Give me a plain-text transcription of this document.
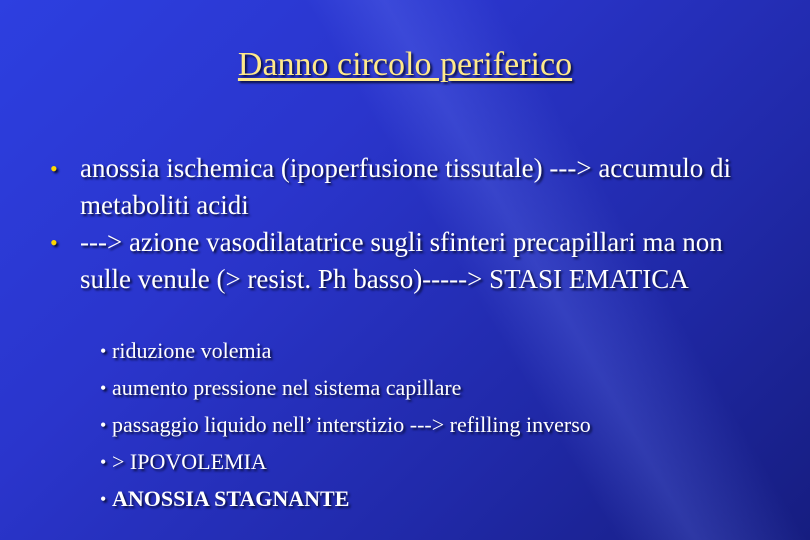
Danno circolo periferico
• anossia ischemica (ipoperfusione tissutale) ---> accumulo di metaboliti acidi
• ---> azione vasodilatatrice sugli sfinteri precapillari ma non sulle venule (> resist. Ph basso)-----> STASI EMATICA
• riduzione volemia
• aumento pressione nel sistema capillare
• passaggio liquido nell’ interstizio ---> refilling inverso
• > IPOVOLEMIA
• ANOSSIA STAGNANTE
